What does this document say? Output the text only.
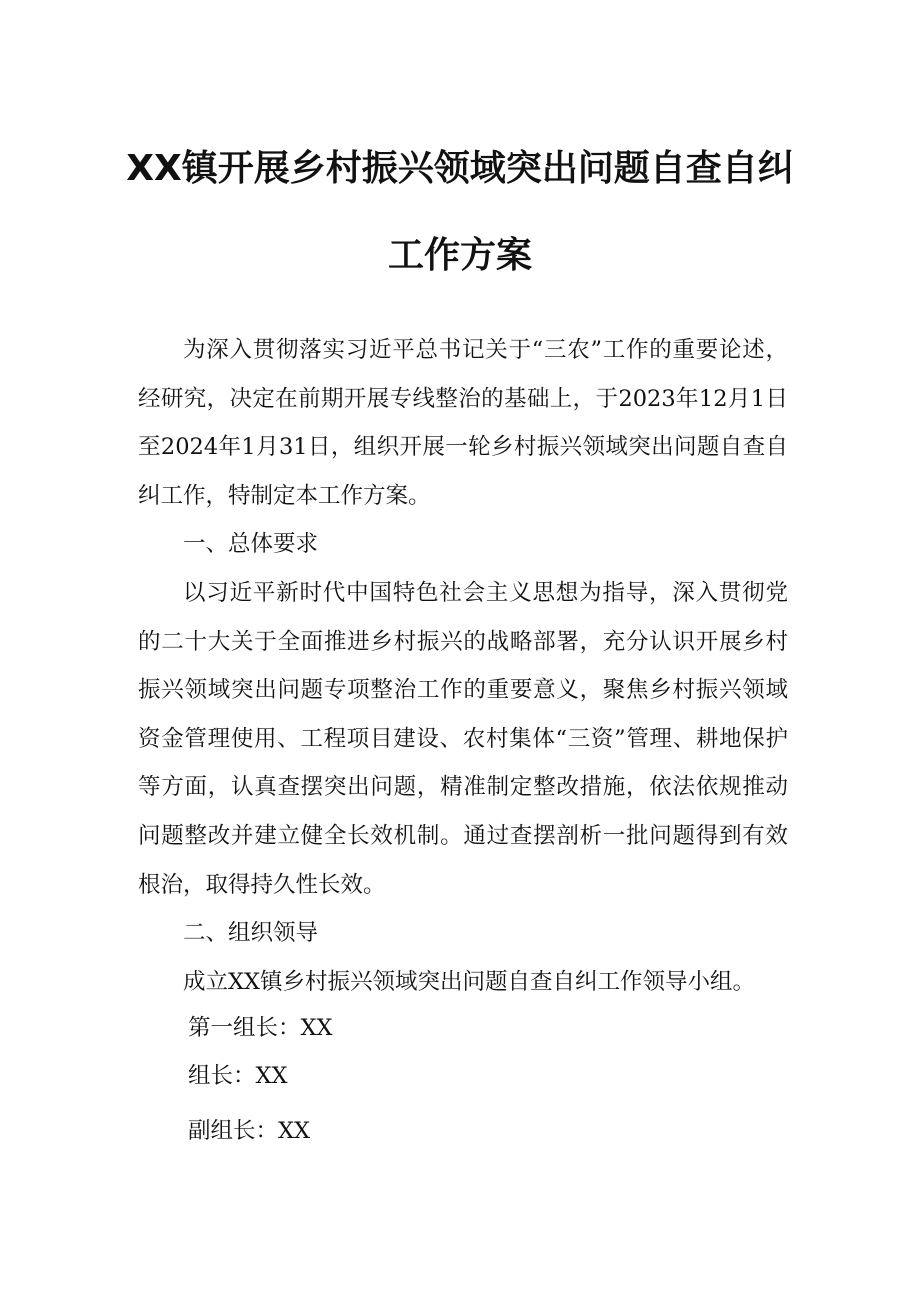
XX镇开展乡村振兴领域突出问题自查自纠
工作方案

为深入贯彻落实习近平总书记关于“三农”工作的重要论述，经研究，决定在前期开展专线整治的基础上，于2023年12月1日至2024年1月31日，组织开展一轮乡村振兴领域突出问题自查自纠工作，特制定本工作方案。

一、总体要求

以习近平新时代中国特色社会主义思想为指导，深入贯彻党的二十大关于全面推进乡村振兴的战略部署，充分认识开展乡村振兴领域突出问题专项整治工作的重要意义，聚焦乡村振兴领域资金管理使用、工程项目建设、农村集体“三资”管理、耕地保护等方面，认真查摆突出问题，精准制定整改措施，依法依规推动问题整改并建立健全长效机制。通过查摆剖析一批问题得到有效根治，取得持久性长效。

二、组织领导

成立XX镇乡村振兴领域突出问题自查自纠工作领导小组。

第一组长：XX
组长：XX
副组长：XX
